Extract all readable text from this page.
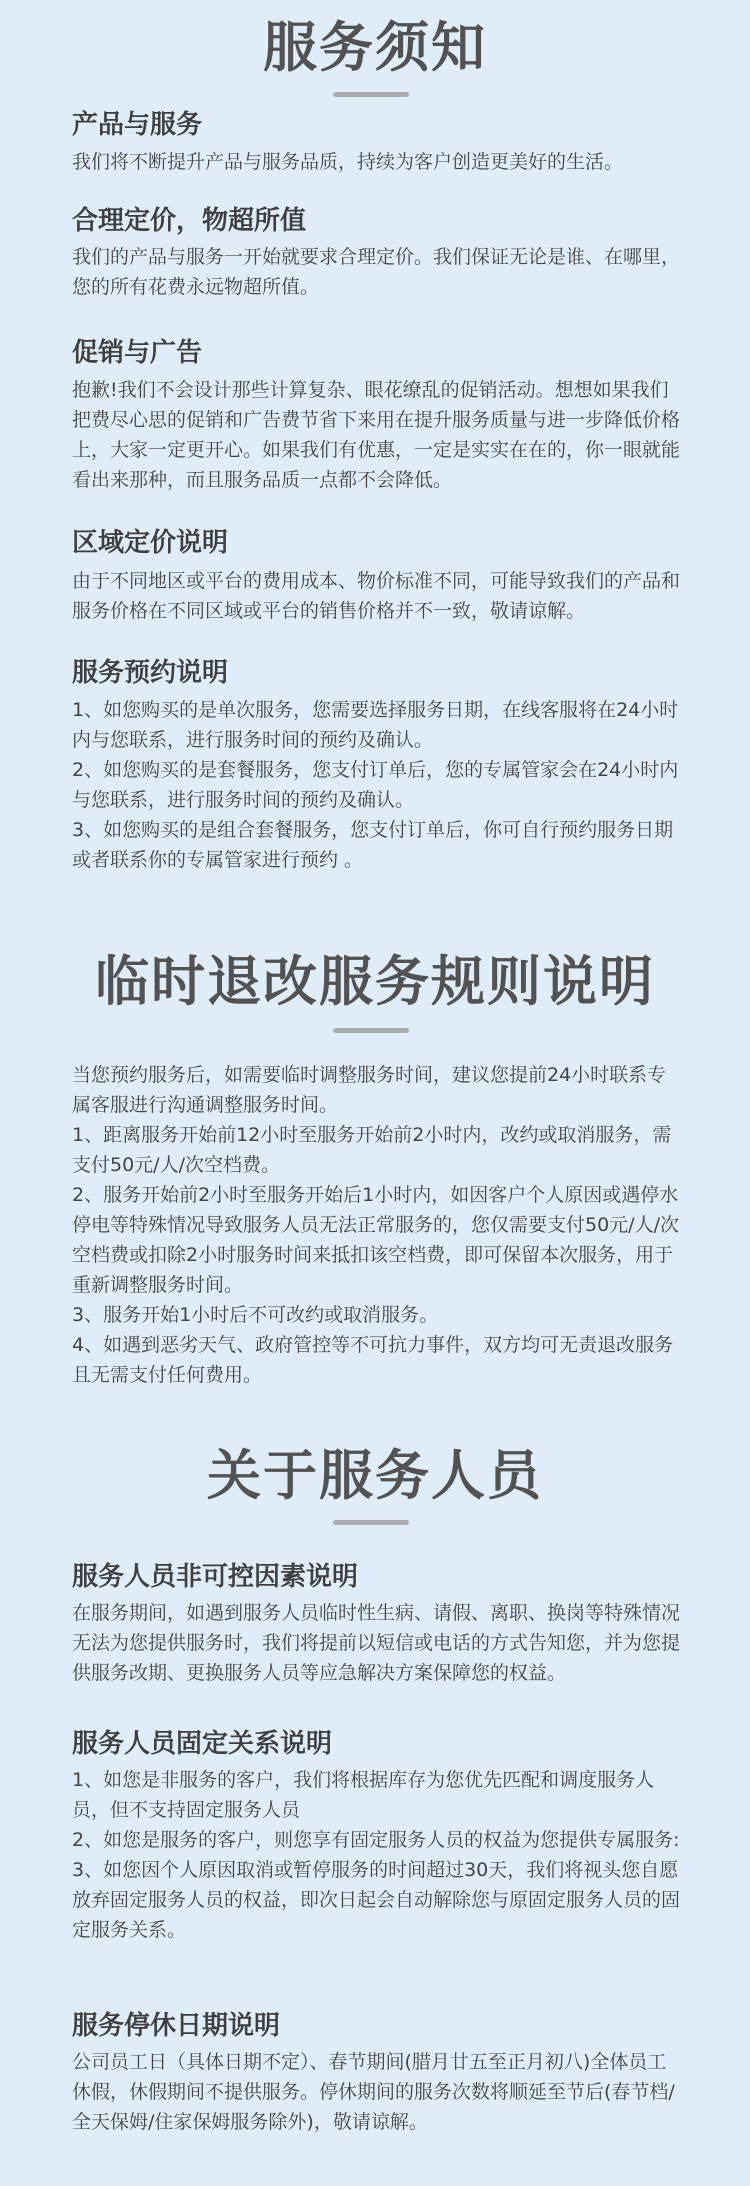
服务须知
产品与服务

我们将不断提升产品与服务品质，持续为客户创造更美好的生活。

合理定价，物超所值

我们的产品与服务一开始就要求合理定价。我们保证无论是谁、在哪里，您的所有花费永远物超所值。

促销与广告

抱歉!我们不会设计那些计算复杂、眼花缭乱的促销活动。想想如果我们把费尽心思的促销和广告费节省下来用在提升服务质量与进一步降低价格上，大家一定更开心。如果我们有优惠，一定是实实在在的，你一眼就能看出来那种，而且服务品质一点都不会降低。

区域定价说明

由于不同地区或平台的费用成本、物价标准不同，可能导致我们的产品和服务价格在不同区域或平台的销售价格并不一致，敬请谅解。

服务预约说明

1、如您购买的是单次服务，您需要选择服务日期，在线客服将在24小时内与您联系，进行服务时间的预约及确认。

2、如您购买的是套餐服务，您支付订单后，您的专属管家会在24小时内与您联系，进行服务时间的预约及确认。

3、如您购买的是组合套餐服务，您支付订单后，你可自行预约服务日期或者联系你的专属管家进行预约 。

临时退改服务规则说明

当您预约服务后，如需要临时调整服务时间，建议您提前24小时联系专属客服进行沟通调整服务时间。

1、距离服务开始前12小时至服务开始前2小时内，改约或取消服务，需支付50元/人/次空档费。

2、服务开始前2小时至服务开始后1小时内，如因客户个人原因或遇停水停电等特殊情况导致服务人员无法正常服务的，您仅需要支付50元/人/次空档费或扣除2小时服务时间来抵扣该空档费，即可保留本次服务，用于重新调整服务时间。

3、服务开始1小时后不可改约或取消服务。

4、如遇到恶劣天气、政府管控等不可抗力事件，双方均可无责退改服务且无需支付任何费用。

关于服务人员
服务人员非可控因素说明

在服务期间，如遇到服务人员临时性生病、请假、离职、换岗等特殊情况无法为您提供服务时，我们将提前以短信或电话的方式告知您，并为您提供服务改期、更换服务人员等应急解决方案保障您的权益。

服务人员固定关系说明

1、如您是非服务的客户，我们将根据库存为您优先匹配和调度服务人员，但不支持固定服务人员

2、如您是服务的客户，则您享有固定服务人员的权益为您提供专属服务:

3、如您因个人原因取消或暂停服务的时间超过30天，我们将视头您自愿放弃固定服务人员的权益，即次日起会自动解除您与原固定服务人员的固定服务关系。

服务停休日期说明

公司员工日（具体日期不定）、春节期间(腊月廿五至正月初八)全体员工休假，休假期间不提供服务。停休期间的服务次数将顺延至节后(春节档/全天保姆/住家保姆服务除外)，敬请谅解。
